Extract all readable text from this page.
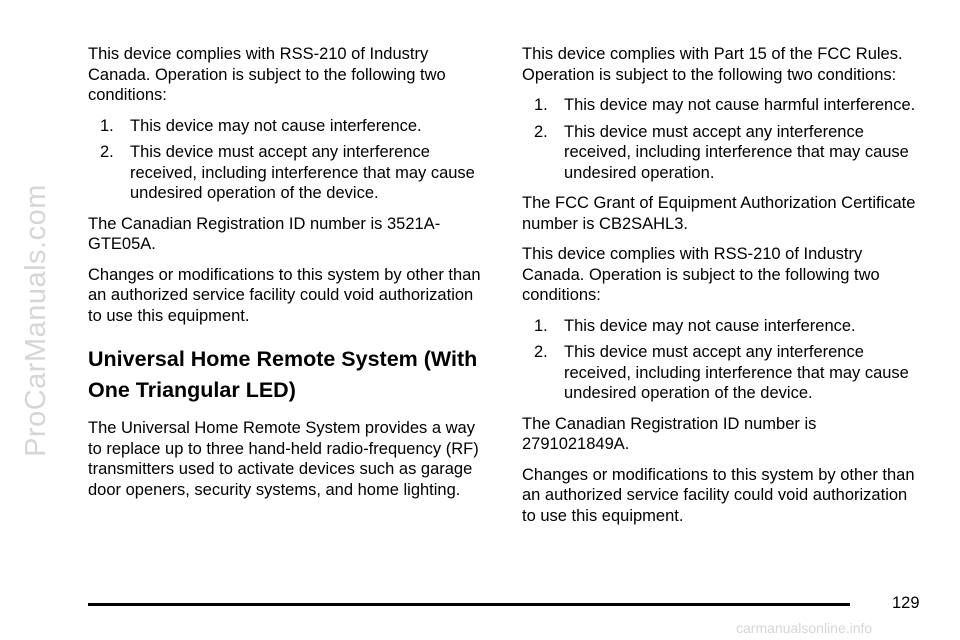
ProCarManuals.com

This device complies with RSS-210 of Industry Canada. Operation is subject to the following two conditions:

1. This device may not cause interference.
2. This device must accept any interference received, including interference that may cause undesired operation of the device.

The Canadian Registration ID number is 3521A-GTE05A.

Changes or modifications to this system by other than an authorized service facility could void authorization to use this equipment.

Universal Home Remote System (With One Triangular LED)

The Universal Home Remote System provides a way to replace up to three hand-held radio-frequency (RF) transmitters used to activate devices such as garage door openers, security systems, and home lighting.

This device complies with Part 15 of the FCC Rules. Operation is subject to the following two conditions:

1. This device may not cause harmful interference.
2. This device must accept any interference received, including interference that may cause undesired operation.

The FCC Grant of Equipment Authorization Certificate number is CB2SAHL3.

This device complies with RSS-210 of Industry Canada. Operation is subject to the following two conditions:

1. This device may not cause interference.
2. This device must accept any interference received, including interference that may cause undesired operation of the device.

The Canadian Registration ID number is 2791021849A.

Changes or modifications to this system by other than an authorized service facility could void authorization to use this equipment.

129
carmanualsonline.info
